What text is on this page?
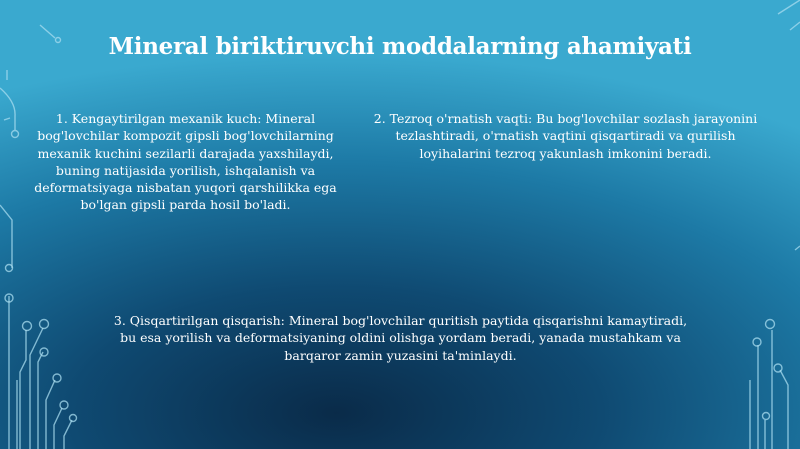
Mineral biriktiruvchi moddalarning ahamiyati
1. Kengaytirilgan mexanik kuch: Mineral bog'lovchilar kompozit gipsli bog'lovchilarning mexanik kuchini sezilarli darajada yaxshilaydi, buning natijasida yorilish, ishqalanish va deformatsiyaga nisbatan yuqori qarshilikka ega bo'lgan gipsli parda hosil bo'ladi.
2. Tezroq o'rnatish vaqti: Bu bog'lovchilar sozlash jarayonini tezlashtiradi, o'rnatish vaqtini qisqartiradi va qurilish loyihalarini tezroq yakunlash imkonini beradi.
3. Qisqartirilgan qisqarish: Mineral bog'lovchilar quritish paytida qisqarishni kamaytiradi, bu esa yorilish va deformatsiyaning oldini olishga yordam beradi, yanada mustahkam va barqaror zamin yuzasini ta'minlaydi.
